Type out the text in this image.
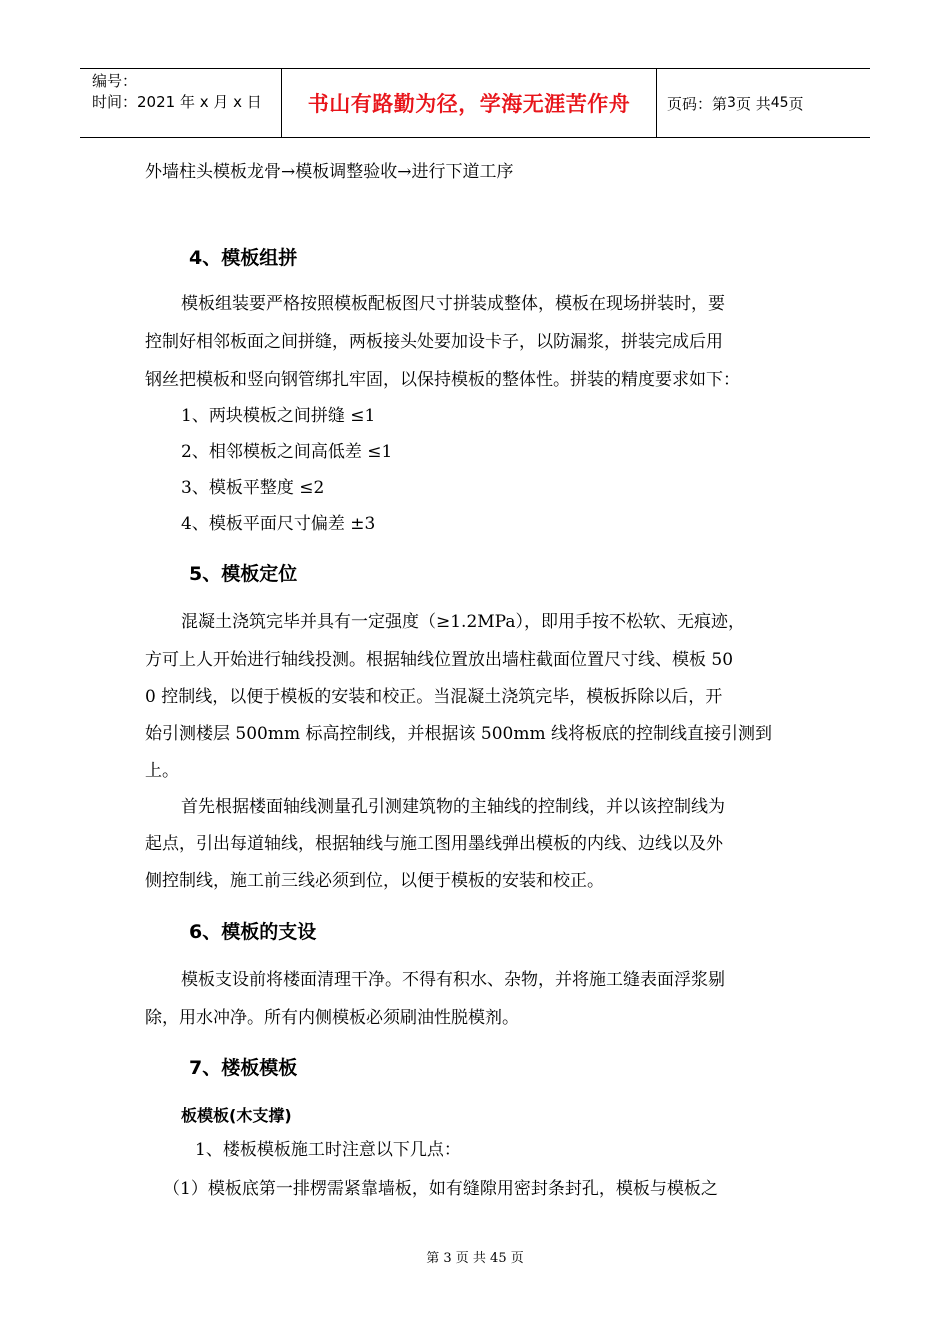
编号：
时间：2021 年 x 月 x 日	书山有路勤为径，学海无涯苦作舟	页码：第 3 页 共 45 页
外墙柱头模板龙骨→模板调整验收→进行下道工序
4、模板组拼
模板组装要严格按照模板配板图尺寸拼装成整体，模板在现场拼装时，要
控制好相邻板面之间拼缝，两板接头处要加设卡子，以防漏浆，拼装完成后用
钢丝把模板和竖向钢管绑扎牢固，以保持模板的整体性。拼装的精度要求如下：
1、两块模板之间拼缝 ≤1
2、相邻模板之间高低差 ≤1
3、模板平整度 ≤2
4、模板平面尺寸偏差 ±3
5、模板定位
混凝土浇筑完毕并具有一定强度（≥1.2MPa），即用手按不松软、无痕迹，
方可上人开始进行轴线投测。根据轴线位置放出墙柱截面位置尺寸线、模板 50
0 控制线，以便于模板的安装和校正。当混凝土浇筑完毕，模板拆除以后，开
始引测楼层 500mm 标高控制线，并根据该 500mm 线将板底的控制线直接引测到
上。
首先根据楼面轴线测量孔引测建筑物的主轴线的控制线，并以该控制线为
起点，引出每道轴线，根据轴线与施工图用墨线弹出模板的内线、边线以及外
侧控制线，施工前三线必须到位，以便于模板的安装和校正。
6、模板的支设
模板支设前将楼面清理干净。不得有积水、杂物，并将施工缝表面浮浆剔
除，用水冲净。所有内侧模板必须刷油性脱模剂。
7、楼板模板
板模板(木支撑)
1、楼板模板施工时注意以下几点：
（1）模板底第一排楞需紧靠墙板，如有缝隙用密封条封孔，模板与模板之
第 3 页 共 45 页
